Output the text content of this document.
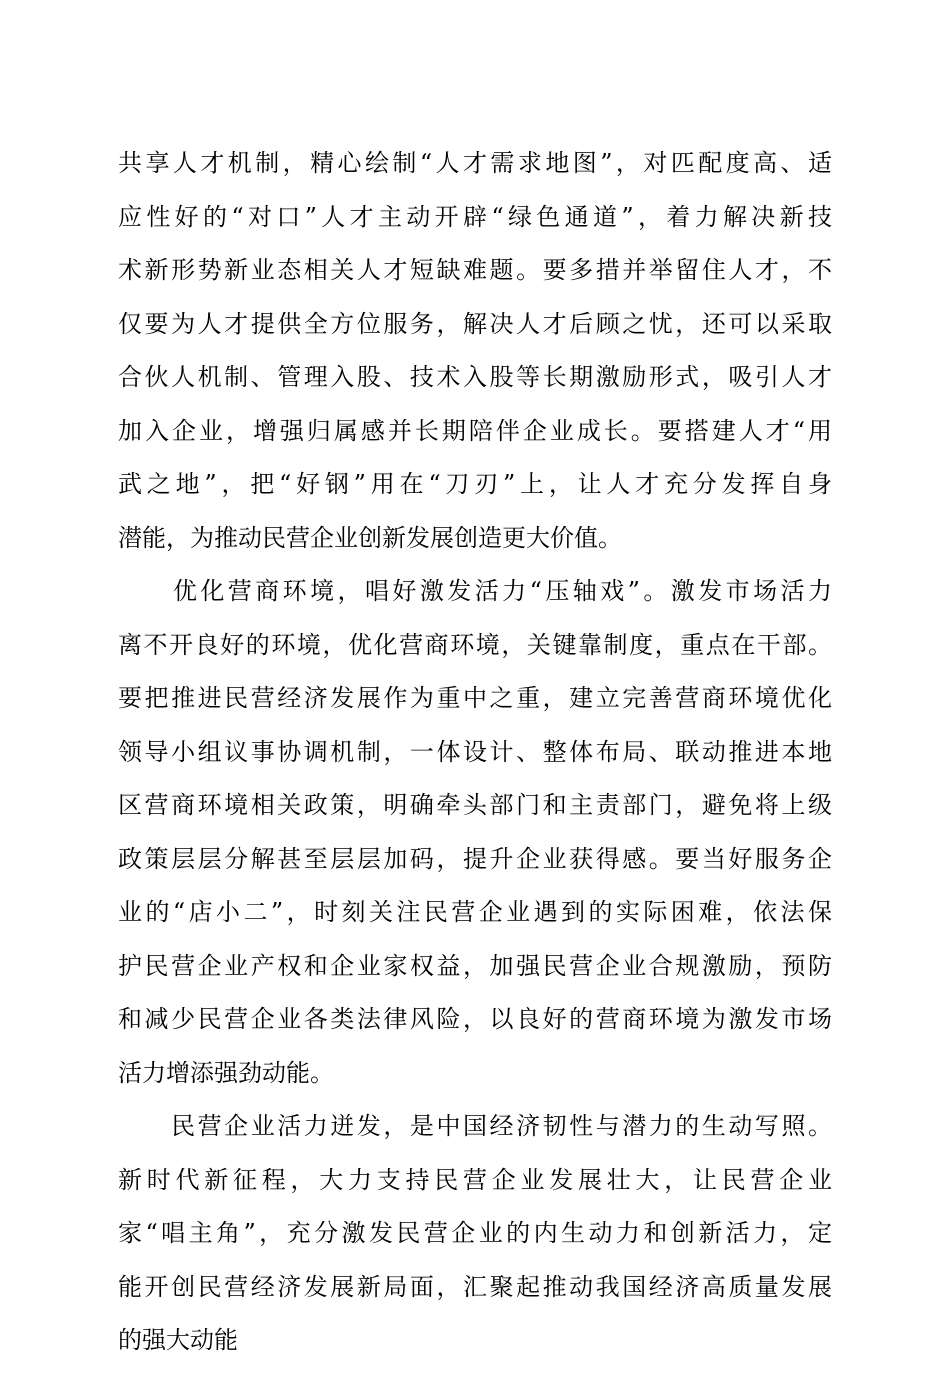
共享人才机制，精心绘制“人才需求地图”，对匹配度高、适
应性好的“对口”人才主动开辟“绿色通道”，着力解决新技
术新形势新业态相关人才短缺难题。要多措并举留住人才，不
仅要为人才提供全方位服务，解决人才后顾之忧，还可以采取
合伙人机制、管理入股、技术入股等长期激励形式，吸引人才
加入企业，增强归属感并长期陪伴企业成长。要搭建人才“用
武之地”，把“好钢”用在“刀刃”上，让人才充分发挥自身
潜能，为推动民营企业创新发展创造更大价值。
　　优化营商环境，唱好激发活力“压轴戏”。激发市场活力
离不开良好的环境，优化营商环境，关键靠制度，重点在干部。
要把推进民营经济发展作为重中之重，建立完善营商环境优化
领导小组议事协调机制，一体设计、整体布局、联动推进本地
区营商环境相关政策，明确牵头部门和主责部门，避免将上级
政策层层分解甚至层层加码，提升企业获得感。要当好服务企
业的“店小二”，时刻关注民营企业遇到的实际困难，依法保
护民营企业产权和企业家权益，加强民营企业合规激励，预防
和减少民营企业各类法律风险，以良好的营商环境为激发市场
活力增添强劲动能。
　　民营企业活力迸发，是中国经济韧性与潜力的生动写照。
新时代新征程，大力支持民营企业发展壮大，让民营企业
家“唱主角”，充分激发民营企业的内生动力和创新活力，定
能开创民营经济发展新局面，汇聚起推动我国经济高质量发展
的强大动能
